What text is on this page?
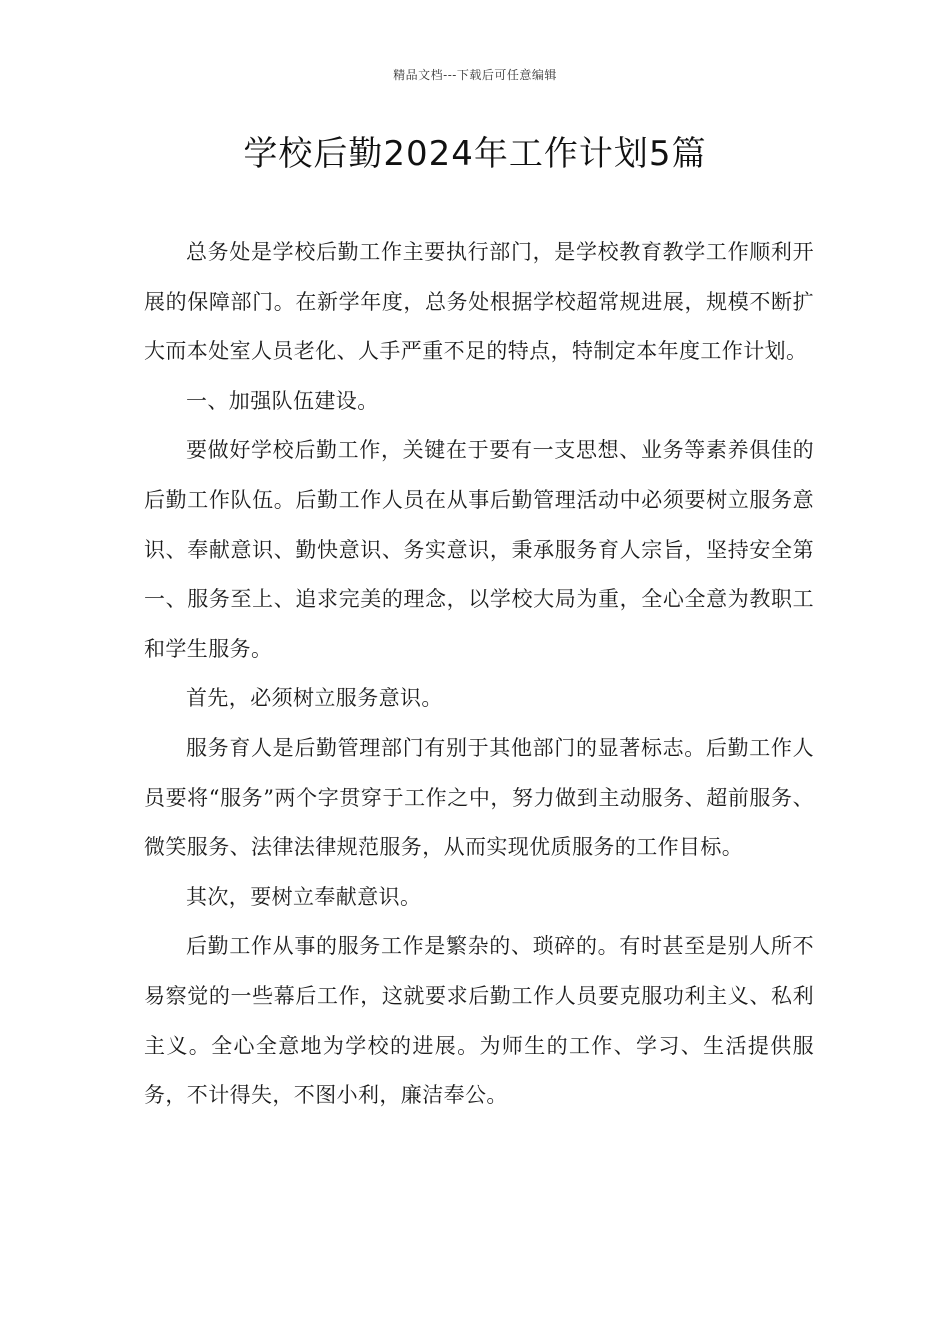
精品文档---下载后可任意编辑
学校后勤2024年工作计划5篇

总务处是学校后勤工作主要执行部门，是学校教育教学工作顺利开展的保障部门。在新学年度，总务处根据学校超常规进展，规模不断扩大而本处室人员老化、人手严重不足的特点，特制定本年度工作计划。

一、加强队伍建设。

要做好学校后勤工作，关键在于要有一支思想、业务等素养俱佳的后勤工作队伍。后勤工作人员在从事后勤管理活动中必须要树立服务意识、奉献意识、勤快意识、务实意识，秉承服务育人宗旨，坚持安全第一、服务至上、追求完美的理念，以学校大局为重，全心全意为教职工和学生服务。

首先，必须树立服务意识。

服务育人是后勤管理部门有别于其他部门的显著标志。后勤工作人员要将“服务”两个字贯穿于工作之中，努力做到主动服务、超前服务、微笑服务、法律法律规范服务，从而实现优质服务的工作目标。

其次，要树立奉献意识。

后勤工作从事的服务工作是繁杂的、琐碎的。有时甚至是别人所不易察觉的一些幕后工作，这就要求后勤工作人员要克服功利主义、私利主义。全心全意地为学校的进展。为师生的工作、学习、生活提供服务，不计得失，不图小利，廉洁奉公。
